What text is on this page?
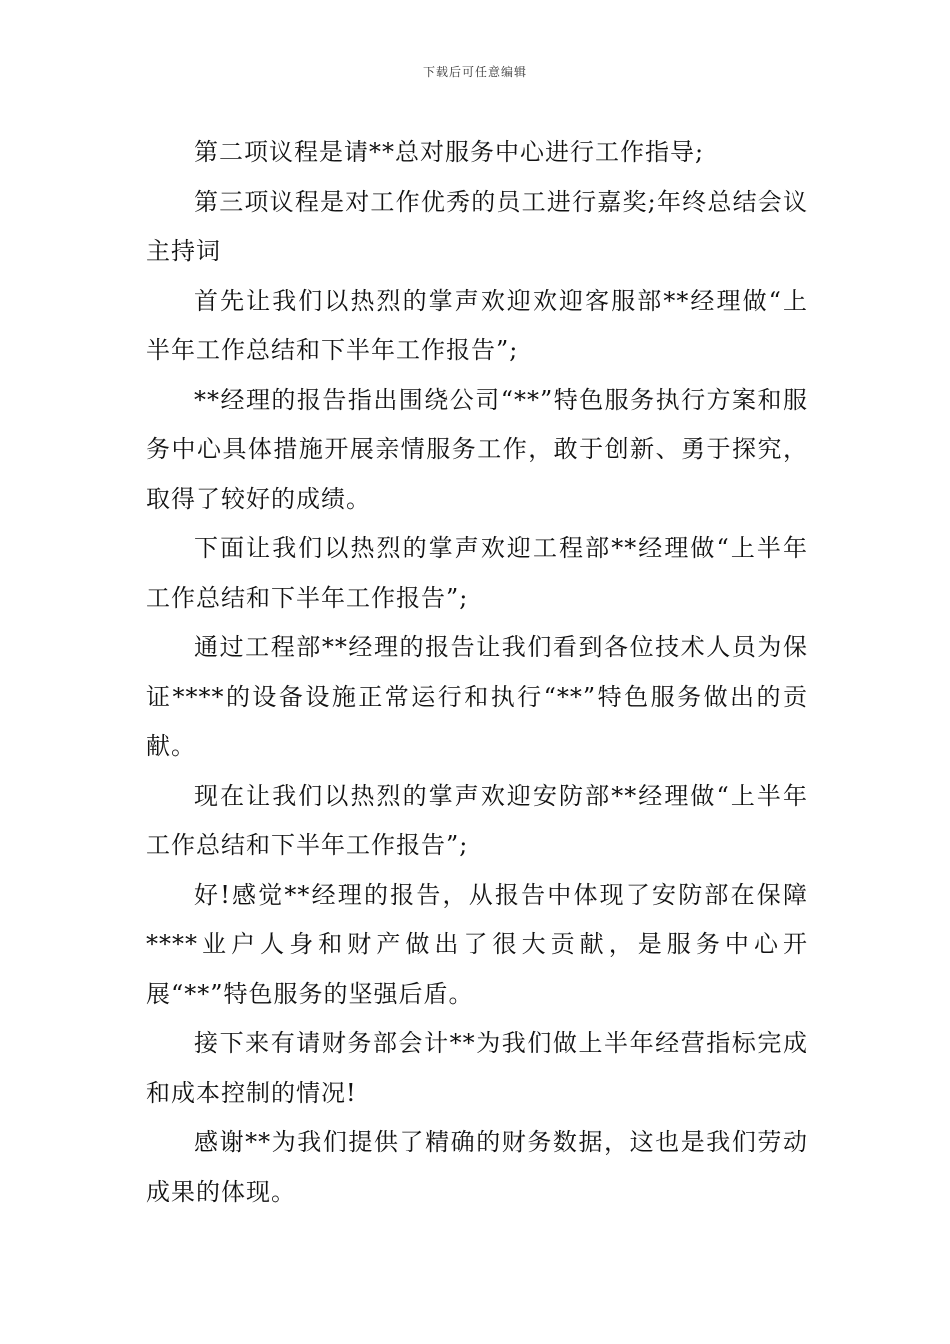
下载后可任意编辑

第二项议程是请**总对服务中心进行工作指导;

第三项议程是对工作优秀的员工进行嘉奖;年终总结会议主持词

首先让我们以热烈的掌声欢迎欢迎客服部**经理做“上半年工作总结和下半年工作报告”;

**经理的报告指出围绕公司“**”特色服务执行方案和服务中心具体措施开展亲情服务工作，敢于创新、勇于探究，取得了较好的成绩。

下面让我们以热烈的掌声欢迎工程部**经理做“上半年工作总结和下半年工作报告”;

通过工程部**经理的报告让我们看到各位技术人员为保证****的设备设施正常运行和执行“**”特色服务做出的贡献。

现在让我们以热烈的掌声欢迎安防部**经理做“上半年工作总结和下半年工作报告”;

好!感觉**经理的报告，从报告中体现了安防部在保障****业户人身和财产做出了很大贡献，是服务中心开展“**”特色服务的坚强后盾。

接下来有请财务部会计**为我们做上半年经营指标完成和成本控制的情况!

感谢**为我们提供了精确的财务数据，这也是我们劳动成果的体现。
